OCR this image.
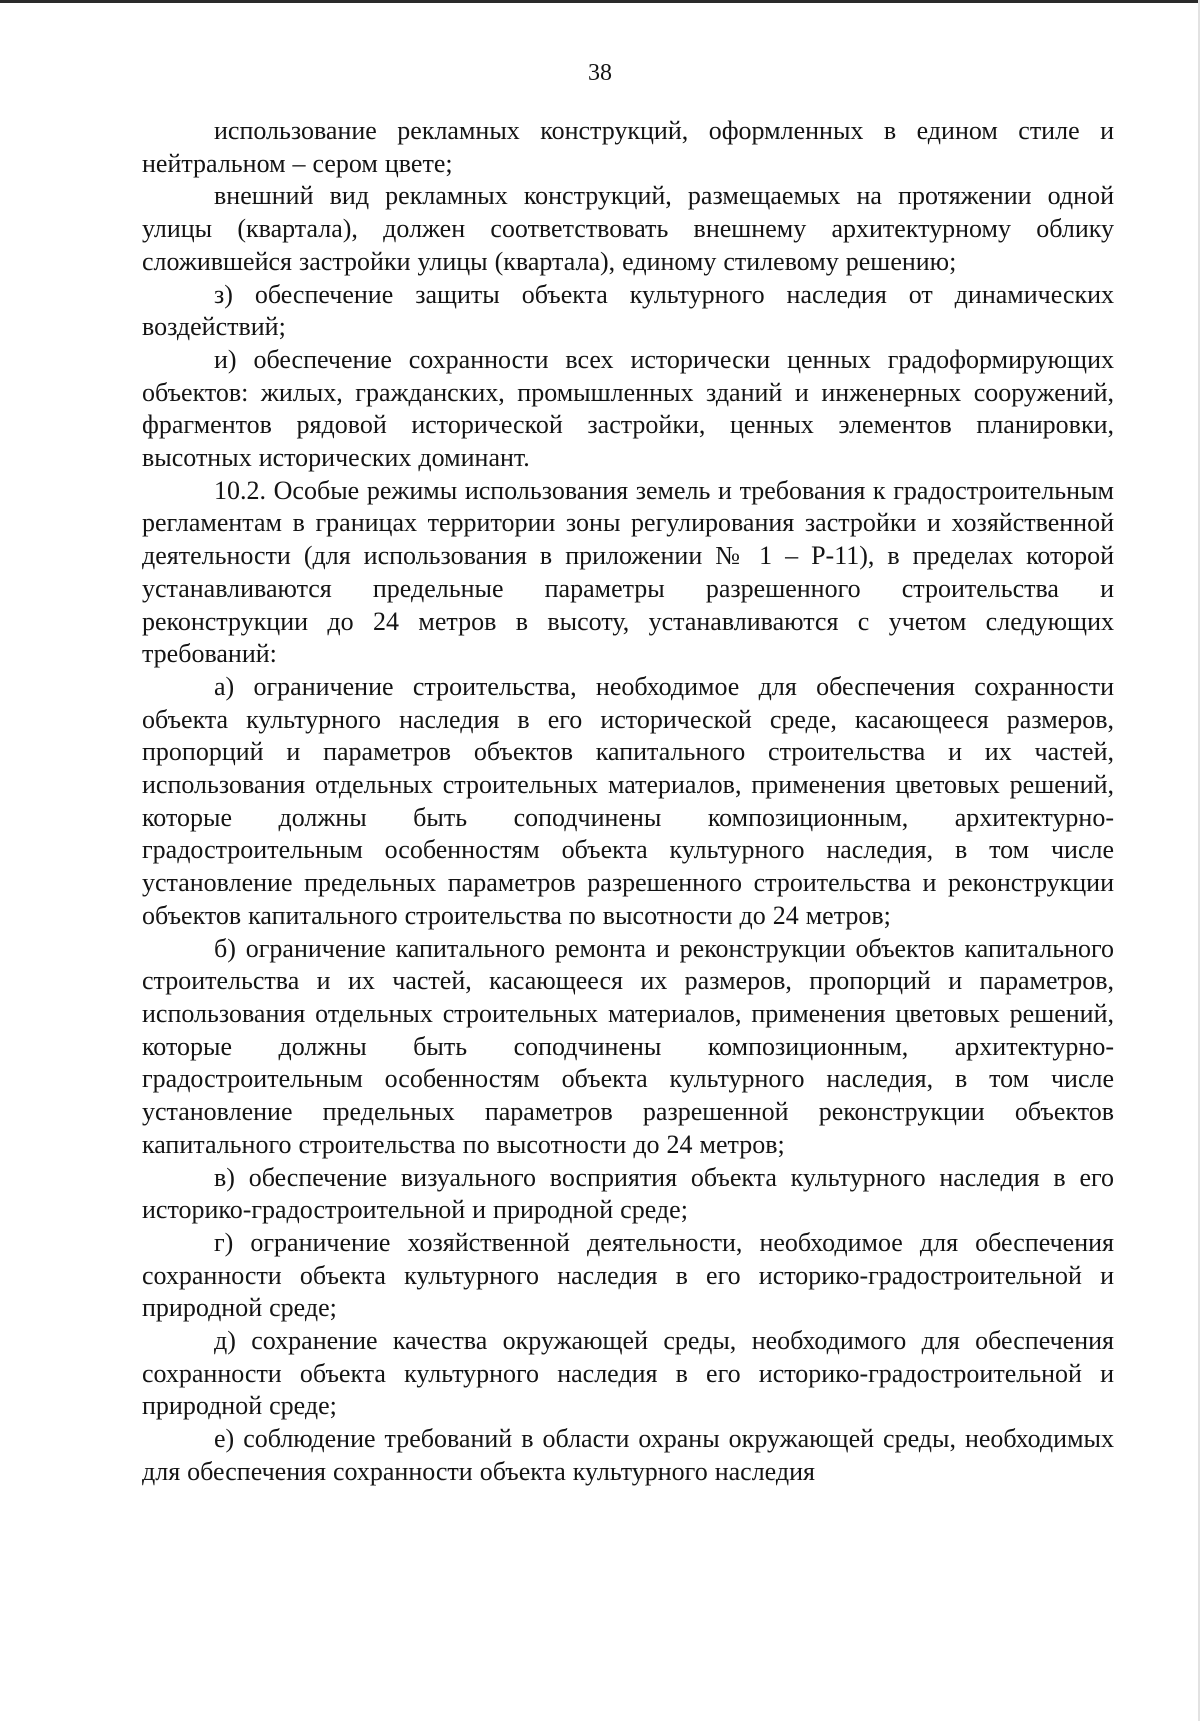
38

использование рекламных конструкций, оформленных в едином стиле и нейтральном – сером цвете;

внешний вид рекламных конструкций, размещаемых на протяжении одной улицы (квартала), должен соответствовать внешнему архитектурному облику сложившейся застройки улицы (квартала), единому стилевому решению;

з) обеспечение защиты объекта культурного наследия от динамических воздействий;

и) обеспечение сохранности всех исторически ценных градоформирующих объектов: жилых, гражданских, промышленных зданий и инженерных сооружений, фрагментов рядовой исторической застройки, ценных элементов планировки, высотных исторических доминант.

10.2. Особые режимы использования земель и требования к градостроительным регламентам в границах территории зоны регулирования застройки и хозяйственной деятельности (для использования в приложении № 1 – Р-11), в пределах которой устанавливаются предельные параметры разрешенного строительства и реконструкции до 24 метров в высоту, устанавливаются с учетом следующих требований:

а) ограничение строительства, необходимое для обеспечения сохранности объекта культурного наследия в его исторической среде, касающееся размеров, пропорций и параметров объектов капитального строительства и их частей, использования отдельных строительных материалов, применения цветовых решений, которые должны быть соподчинены композиционным, архитектурно-градостроительным особенностям объекта культурного наследия, в том числе установление предельных параметров разрешенного строительства и реконструкции объектов капитального строительства по высотности до 24 метров;

б) ограничение капитального ремонта и реконструкции объектов капитального строительства и их частей, касающееся их размеров, пропорций и параметров, использования отдельных строительных материалов, применения цветовых решений, которые должны быть соподчинены композиционным, архитектурно-градостроительным особенностям объекта культурного наследия, в том числе установление предельных параметров разрешенной реконструкции объектов капитального строительства по высотности до 24 метров;

в) обеспечение визуального восприятия объекта культурного наследия в его историко-градостроительной и природной среде;

г) ограничение хозяйственной деятельности, необходимое для обеспечения сохранности объекта культурного наследия в его историко-градостроительной и природной среде;

д) сохранение качества окружающей среды, необходимого для обеспечения сохранности объекта культурного наследия в его историко-градостроительной и природной среде;

е) соблюдение требований в области охраны окружающей среды, необходимых для обеспечения сохранности объекта культурного наследия
